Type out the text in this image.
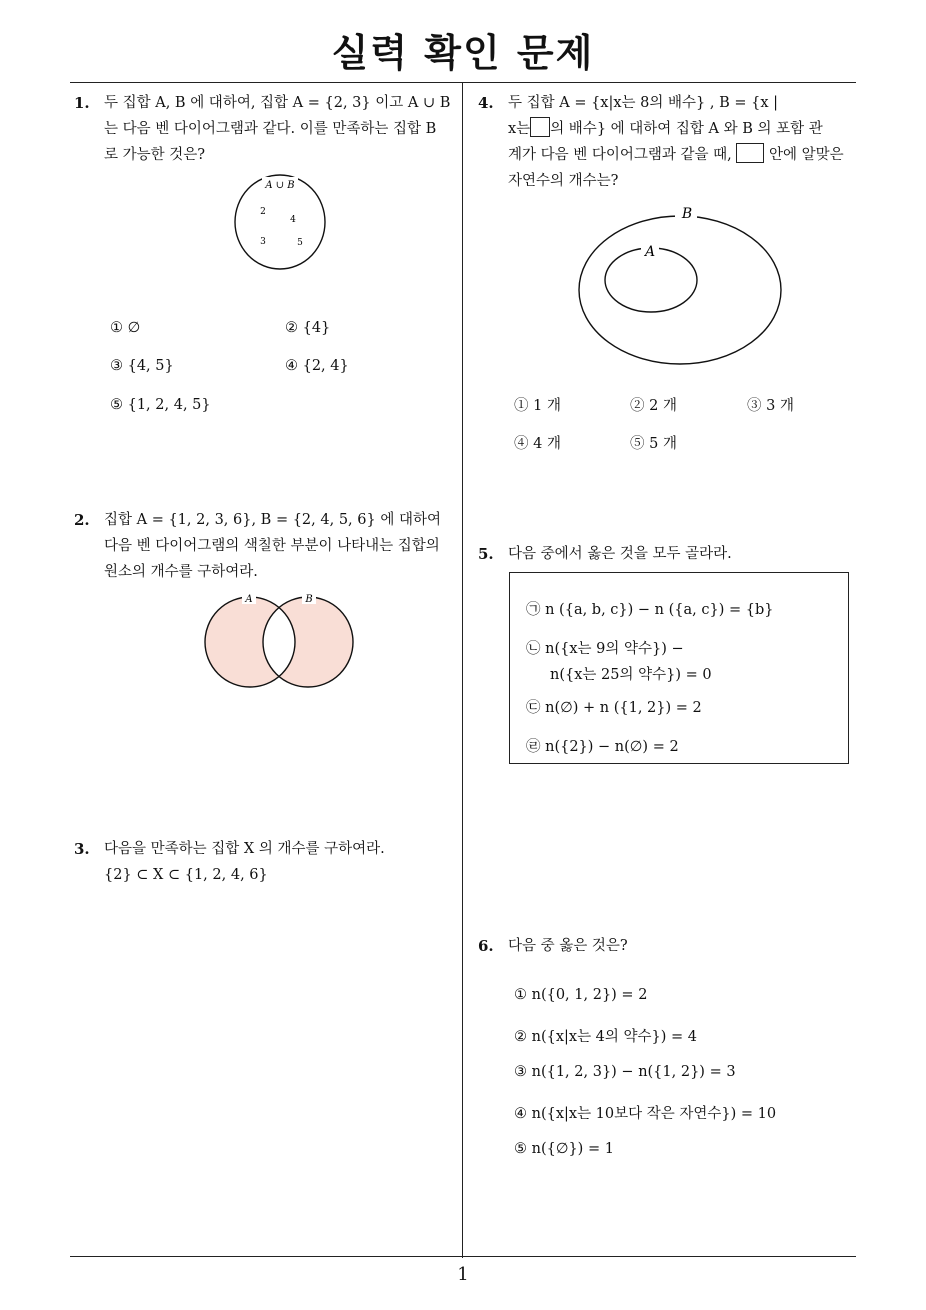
실력 확인 문제
1
1. 두 집합 A, B 에 대하여, 집합 A = {2, 3} 이고 A ∪ B
는 다음 벤 다이어그램과 같다. 이를 만족하는 집합 B
로 가능한 것은?
A ∪ B
2
4
3	5
① ∅	② {4}
③ {4, 5}	④ {2, 4}
⑤ {1, 2, 4, 5}
2. 집합 A = {1, 2, 3, 6}, B = {2, 4, 5, 6} 에 대하여
다음 벤 다이어그램의 색칠한 부분이 나타내는 집합의
원소의 개수를 구하여라.
A	B
3. 다음을 만족하는 집합 X 의 개수를 구하여라.
{2} ⊂ X ⊂ {1, 2, 4, 6}
4. 두 집합 A = {x|x는 8의 배수} , B = {x |
x는 의 배수} 에 대하여 집합 A 와 B 의 포함 관
계가 다음 벤 다이어그램과 같을 때,	안에 알맞은
자연수의 개수는?
B
A
① 1 개	② 2 개	③ 3 개
④ 4 개	⑤ 5 개
5. 다음 중에서 옳은 것을 모두 골라라.
㉠ n ({a, b, c}) − n ({a, c}) = {b}
㉡ n({x는 9의 약수}) −
n({x는 25의 약수}) = 0
㉢ n(∅) + n ({1, 2}) = 2
㉣ n({2}) − n(∅) = 2
6. 다음 중 옳은 것은?
① n({0, 1, 2}) = 2
② n({x|x는 4의 약수}) = 4
③ n({1, 2, 3}) − n({1, 2}) = 3
④ n({x|x는 10보다 작은 자연수}) = 10
⑤ n({∅}) = 1
